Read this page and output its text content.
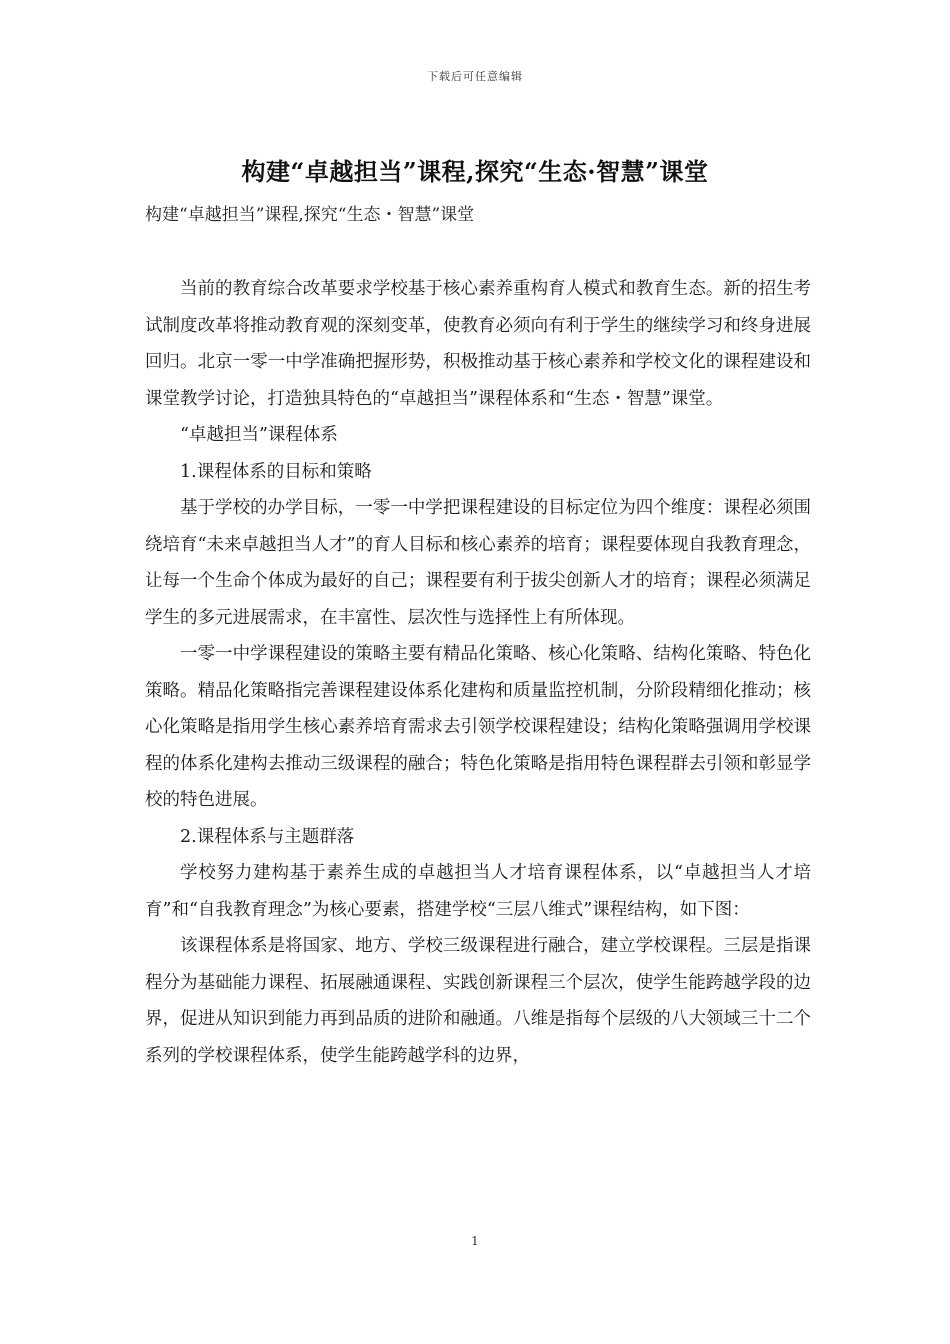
下载后可任意编辑
构建“卓越担当”课程,探究“生态·智慧”课堂

构建“卓越担当”课程,探究“生态・智慧”课堂

当前的教育综合改革要求学校基于核心素养重构育人模式和教育生态。新的招生考试制度改革将推动教育观的深刻变革，使教育必须向有利于学生的继续学习和终身进展回归。北京一零一中学准确把握形势，积极推动基于核心素养和学校文化的课程建设和课堂教学讨论，打造独具特色的“卓越担当”课程体系和“生态・智慧”课堂。

“卓越担当”课程体系

1.课程体系的目标和策略

基于学校的办学目标，一零一中学把课程建设的目标定位为四个维度：课程必须围绕培育“未来卓越担当人才”的育人目标和核心素养的培育；课程要体现自我教育理念，让每一个生命个体成为最好的自己；课程要有利于拔尖创新人才的培育；课程必须满足学生的多元进展需求，在丰富性、层次性与选择性上有所体现。

一零一中学课程建设的策略主要有精品化策略、核心化策略、结构化策略、特色化策略。精品化策略指完善课程建设体系化建构和质量监控机制，分阶段精细化推动；核心化策略是指用学生核心素养培育需求去引领学校课程建设；结构化策略强调用学校课程的体系化建构去推动三级课程的融合；特色化策略是指用特色课程群去引领和彰显学校的特色进展。

2.课程体系与主题群落

学校努力建构基于素养生成的卓越担当人才培育课程体系，以“卓越担当人才培育”和“自我教育理念”为核心要素，搭建学校“三层八维式”课程结构，如下图：

该课程体系是将国家、地方、学校三级课程进行融合，建立学校课程。三层是指课程分为基础能力课程、拓展融通课程、实践创新课程三个层次，使学生能跨越学段的边界，促进从知识到能力再到品质的进阶和融通。八维是指每个层级的八大领域三十二个系列的学校课程体系，使学生能跨越学科的边界，

1
